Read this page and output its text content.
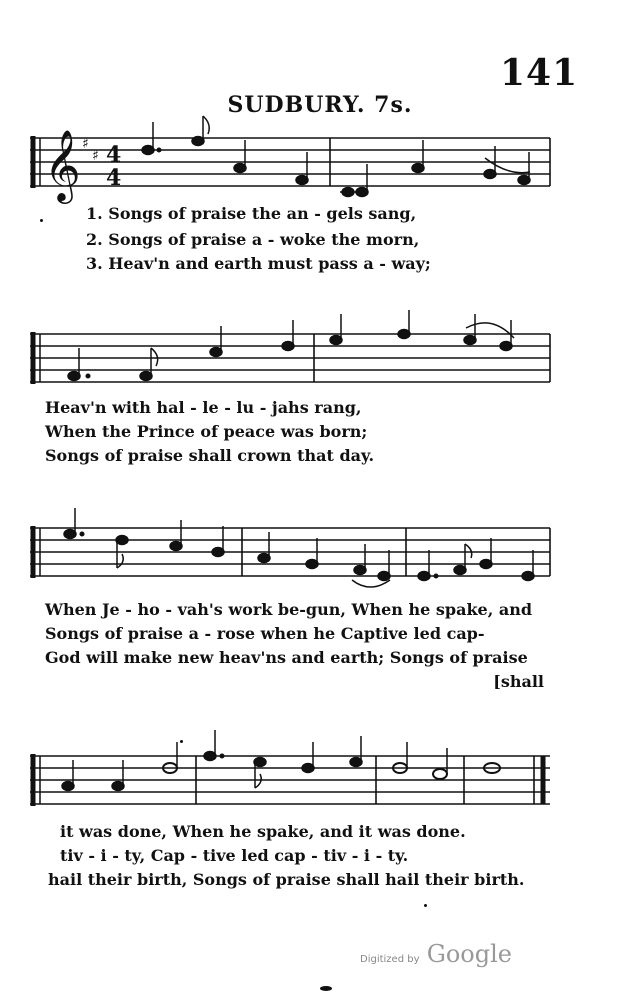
141
SUDBURY. 7s.
𝄞 ♯
♯ 4
4
1. Songs of praise the an - gels sang,
2. Songs of praise a - woke the morn,
3. Heav'n and earth must pass a - way;
Heav'n with hal - le - lu - jahs rang,
When the Prince of peace was born;
Songs of praise shall crown that day.
When Je - ho - vah's work be-gun, When he spake, and
Songs of praise a - rose when he Captive led cap-
God will make new heav'ns and earth; Songs of praise
[shall
it was done, When he spake, and it was done.
tiv - i - ty, Cap - tive led cap - tiv - i - ty.
hail their birth, Songs of praise shall hail their birth.
Digitized by Google
